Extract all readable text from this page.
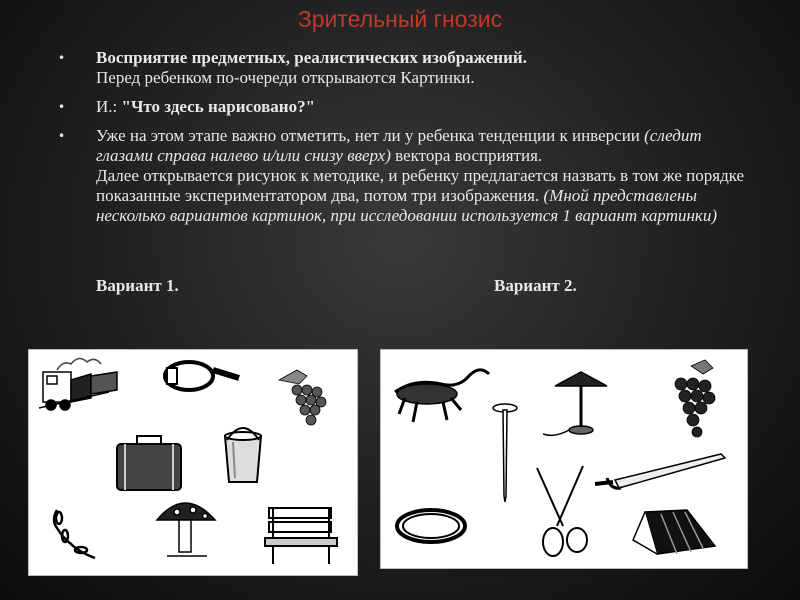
Зрительный гнозис
• Восприятие предметных, реалистических изображений.
Перед ребенком по-очереди открываются Картинки.
• И.: "Что здесь нарисовано?"
• Уже на этом этапе важно отметить, нет ли у ребенка тенденции к инверсии (следит глазами справа налево и/или снизу вверх) вектора восприятия.
Далее открывается рисунок к методике, и ребенку предлагается назвать в том же порядке показанные экспериментатором два, потом три изображения. (Мной представлены несколько вариантов картинок, при исследовании используется 1 вариант картинки)
Вариант 1.	Вариант 2.
